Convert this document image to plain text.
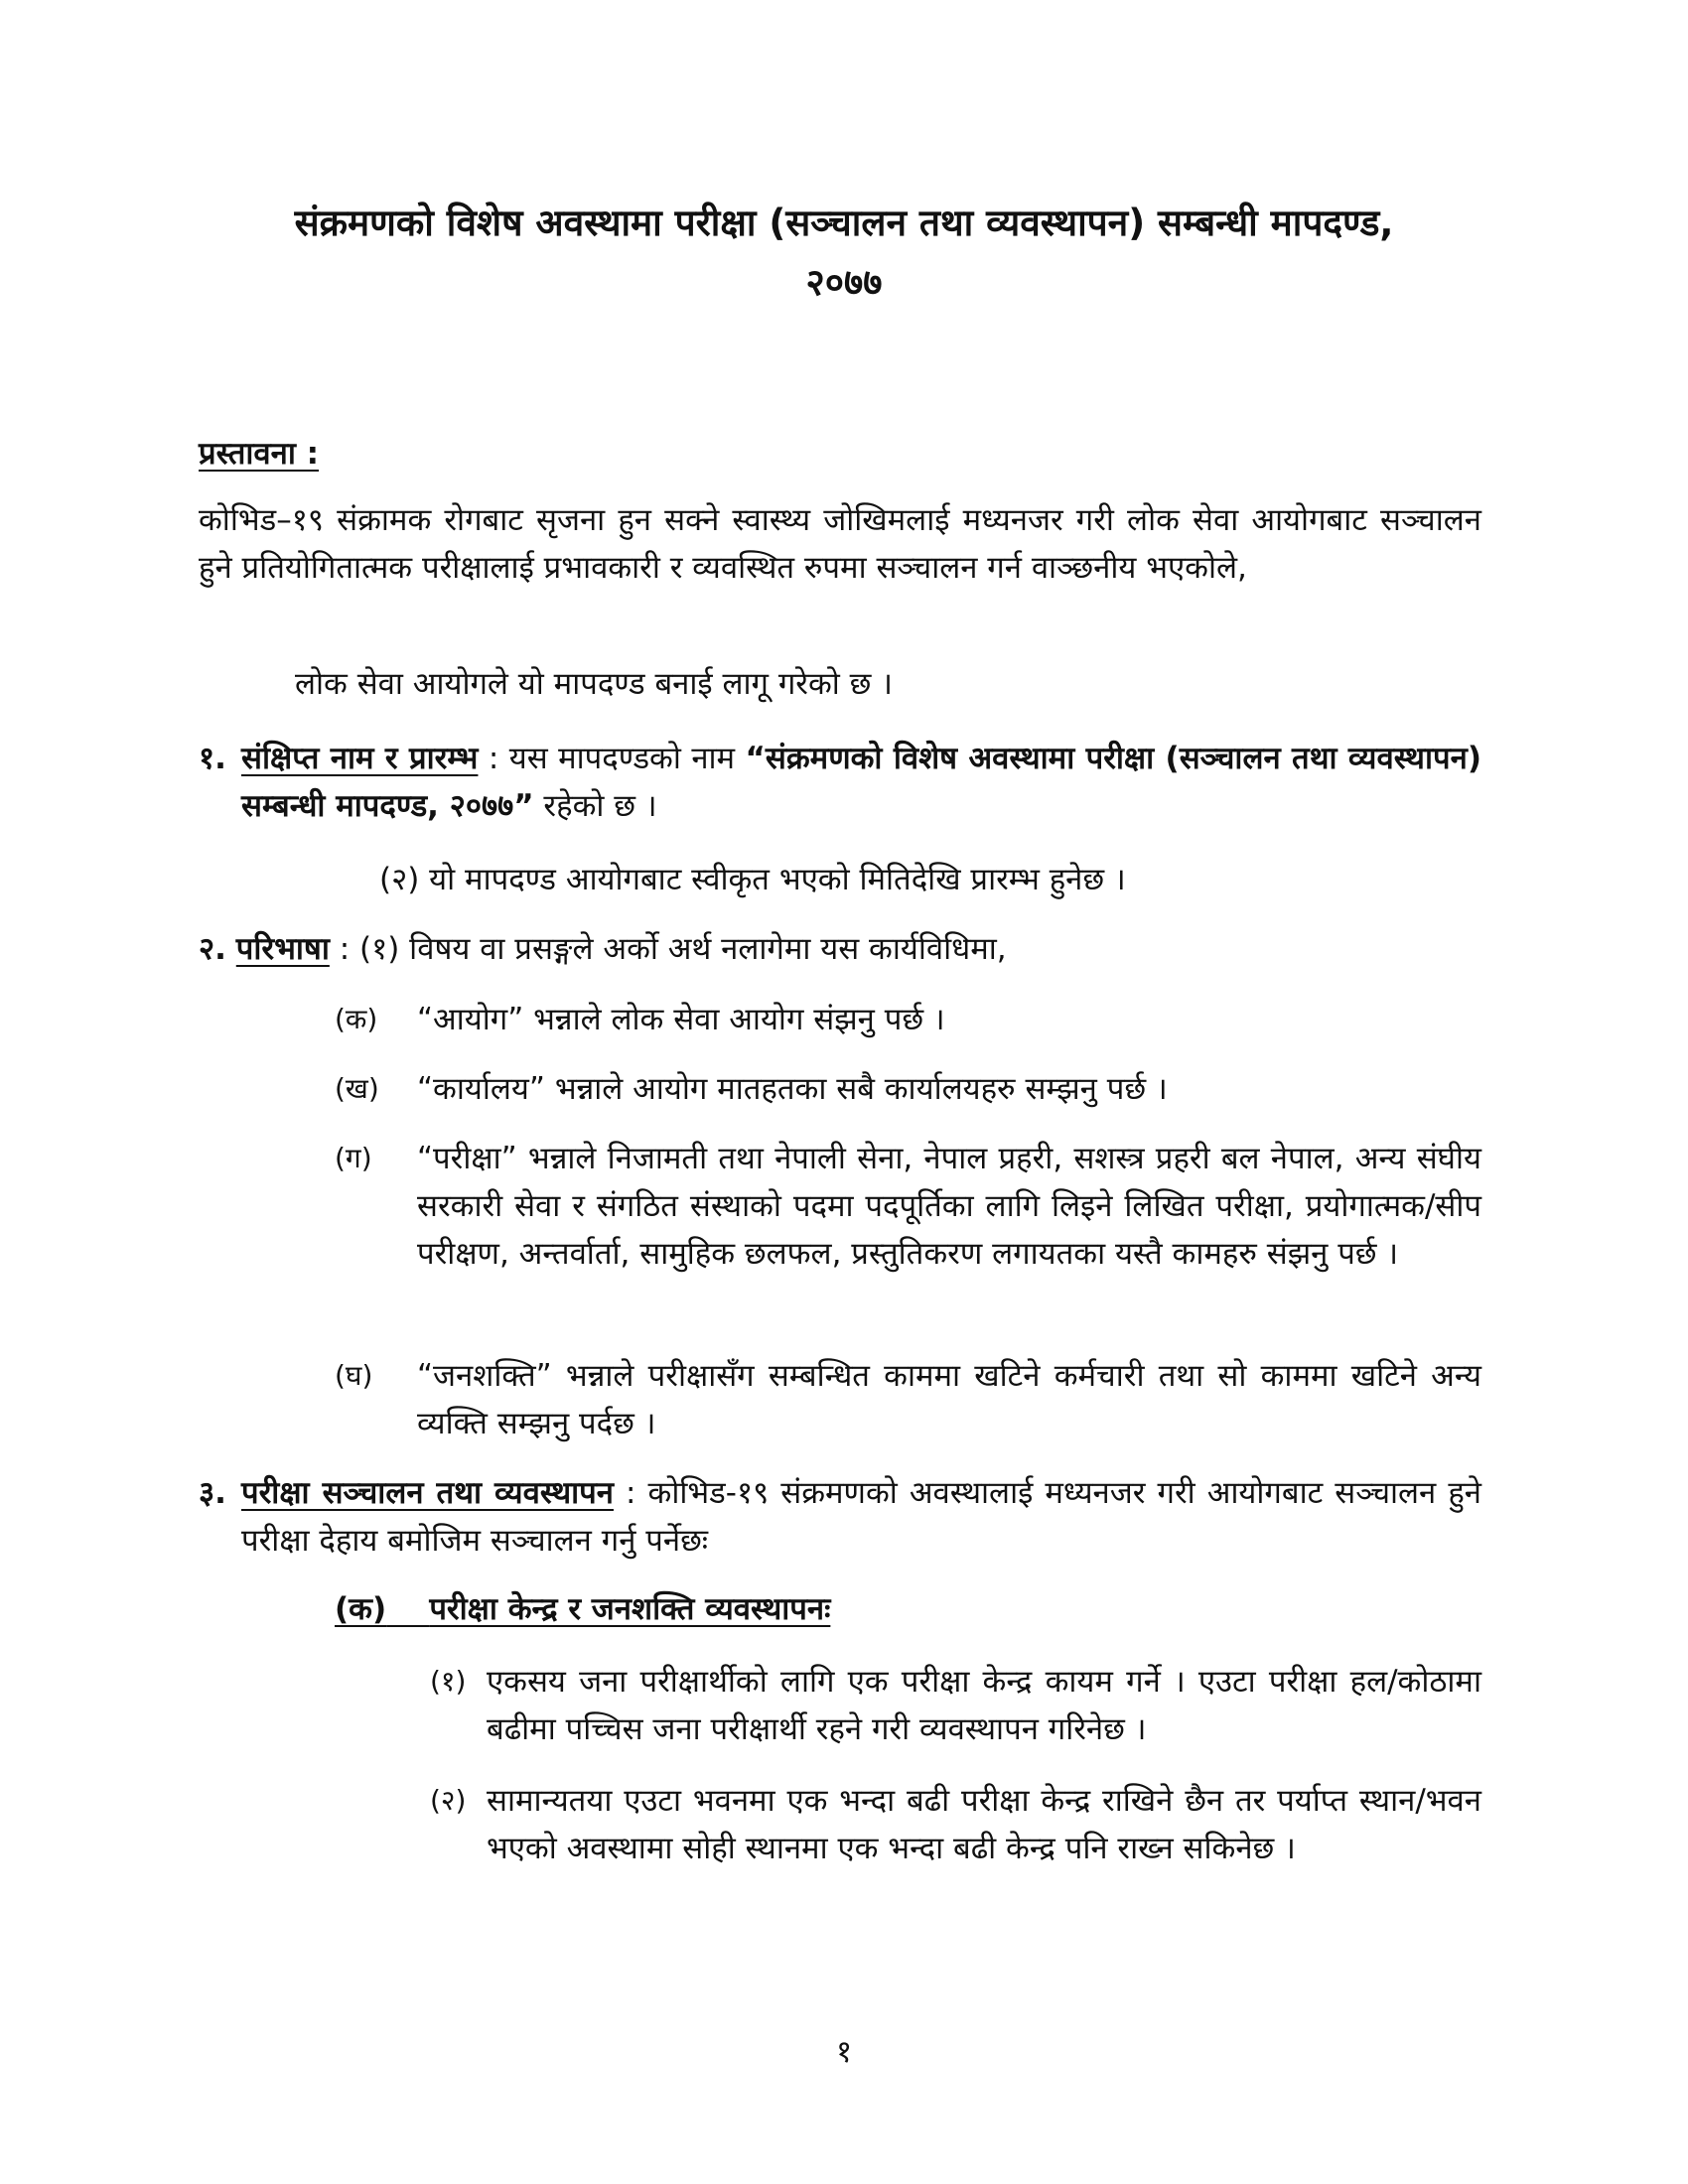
संक्रमणको विशेष अवस्थामा परीक्षा (सञ्चालन तथा व्यवस्थापन) सम्बन्धी मापदण्ड,
२०७७
प्रस्तावना :
कोभिड–१९ संक्रामक रोगबाट सृजना हुन सक्ने स्वास्थ्य जोखिमलाई मध्यनजर गरी लोक सेवा आयोगबाट सञ्चालन हुने प्रतियोगितात्मक परीक्षालाई प्रभावकारी र व्यवस्थित रुपमा सञ्चालन गर्न वाञ्छनीय भएकोले,
लोक सेवा आयोगले यो मापदण्ड बनाई लागू गरेको छ ।
१. संक्षिप्त नाम र प्रारम्भ : यस मापदण्डको नाम “संक्रमणको विशेष अवस्थामा परीक्षा (सञ्चालन तथा व्यवस्थापन) सम्बन्धी मापदण्ड, २०७७” रहेको छ ।
(२) यो मापदण्ड आयोगबाट स्वीकृत भएको मितिदेखि प्रारम्भ हुनेछ ।
२. परिभाषा : (१) विषय वा प्रसङ्गले अर्को अर्थ नलागेमा यस कार्यविधिमा,
(क) “आयोग” भन्नाले लोक सेवा आयोग संझनु पर्छ ।
(ख) “कार्यालय” भन्नाले आयोग मातहतका सबै कार्यालयहरु सम्झनु पर्छ ।
(ग) “परीक्षा” भन्नाले निजामती तथा नेपाली सेना, नेपाल प्रहरी, सशस्त्र प्रहरी बल नेपाल, अन्य संघीय सरकारी सेवा र संगठित संस्थाको पदमा पदपूर्तिका लागि लिइने लिखित परीक्षा, प्रयोगात्मक/सीप परीक्षण, अन्तर्वार्ता, सामुहिक छलफल, प्रस्तुतिकरण लगायतका यस्तै कामहरु संझनु पर्छ ।
(घ) “जनशक्ति” भन्नाले परीक्षासँग सम्बन्धित काममा खटिने कर्मचारी तथा सो काममा खटिने अन्य व्यक्ति सम्झनु पर्दछ ।
३. परीक्षा सञ्चालन तथा व्यवस्थापन : कोभिड-१९ संक्रमणको अवस्थालाई मध्यनजर गरी आयोगबाट सञ्चालन हुने परीक्षा देहाय बमोजिम सञ्चालन गर्नु पर्नेछः
(क) परीक्षा केन्द्र र जनशक्ति व्यवस्थापनः
(१) एकसय जना परीक्षार्थीको लागि एक परीक्षा केन्द्र कायम गर्ने । एउटा परीक्षा हल/कोठामा बढीमा पच्चिस जना परीक्षार्थी रहने गरी व्यवस्थापन गरिनेछ ।
(२) सामान्यतया एउटा भवनमा एक भन्दा बढी परीक्षा केन्द्र राखिने छैन तर पर्याप्त स्थान/भवन भएको अवस्थामा सोही स्थानमा एक भन्दा बढी केन्द्र पनि राख्न सकिनेछ ।
१
